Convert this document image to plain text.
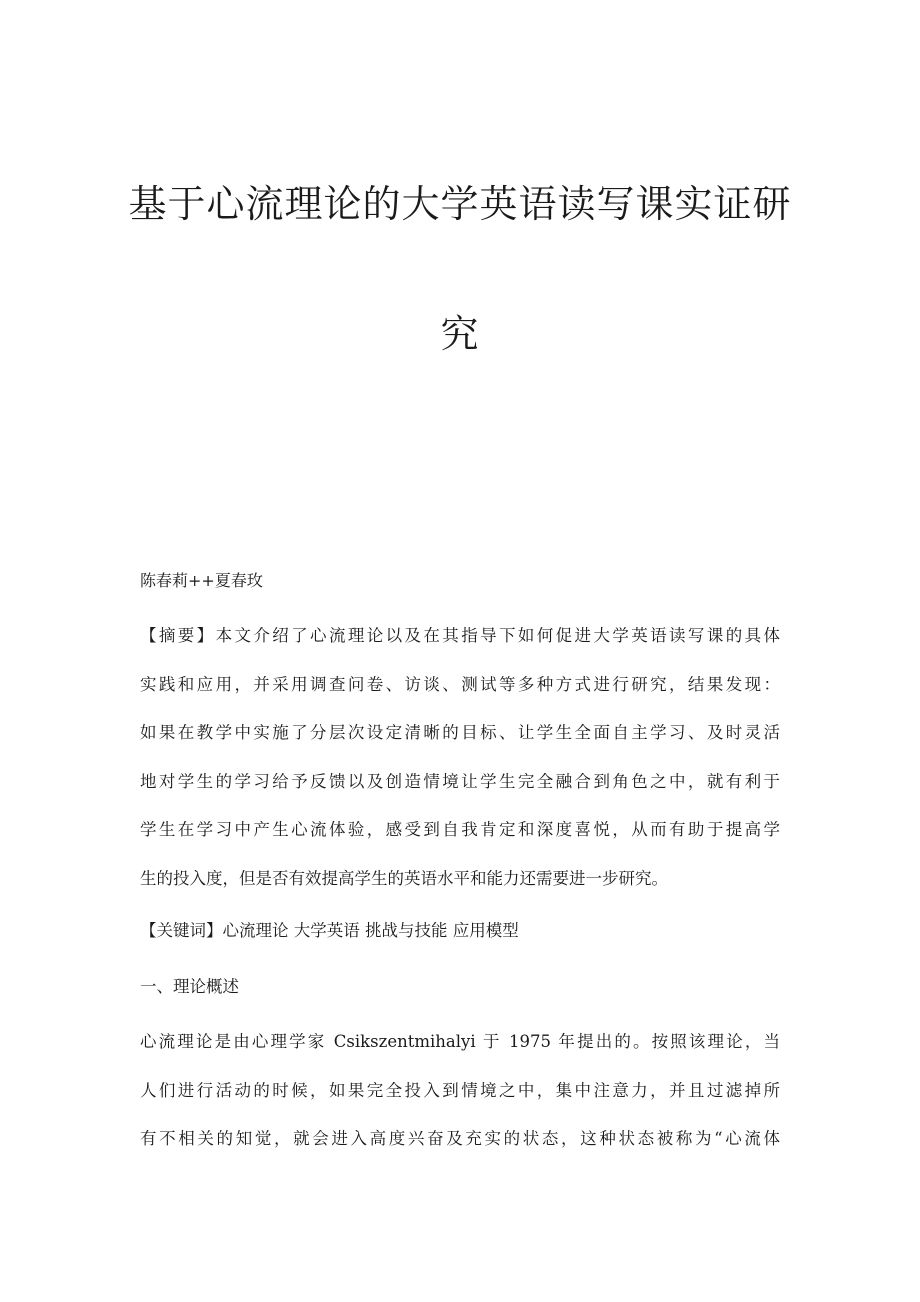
基于心流理论的大学英语读写课实证研
究
陈春莉++夏春玫
【摘要】本文介绍了心流理论以及在其指导下如何促进大学英语读写课的具体
实践和应用，并采用调查问卷、访谈、测试等多种方式进行研究，结果发现：
如果在教学中实施了分层次设定清晰的目标、让学生全面自主学习、及时灵活
地对学生的学习给予反馈以及创造情境让学生完全融合到角色之中，就有利于
学生在学习中产生心流体验，感受到自我肯定和深度喜悦，从而有助于提高学
生的投入度，但是否有效提高学生的英语水平和能力还需要进一步研究。
【关键词】心流理论 大学英语 挑战与技能 应用模型
一、理论概述
心流理论是由心理学家 Csikszentmihalyi 于 1975 年提出的。按照该理论，当
人们进行活动的时候，如果完全投入到情境之中，集中注意力，并且过滤掉所
有不相关的知觉，就会进入高度兴奋及充实的状态，这种状态被称为“心流体
